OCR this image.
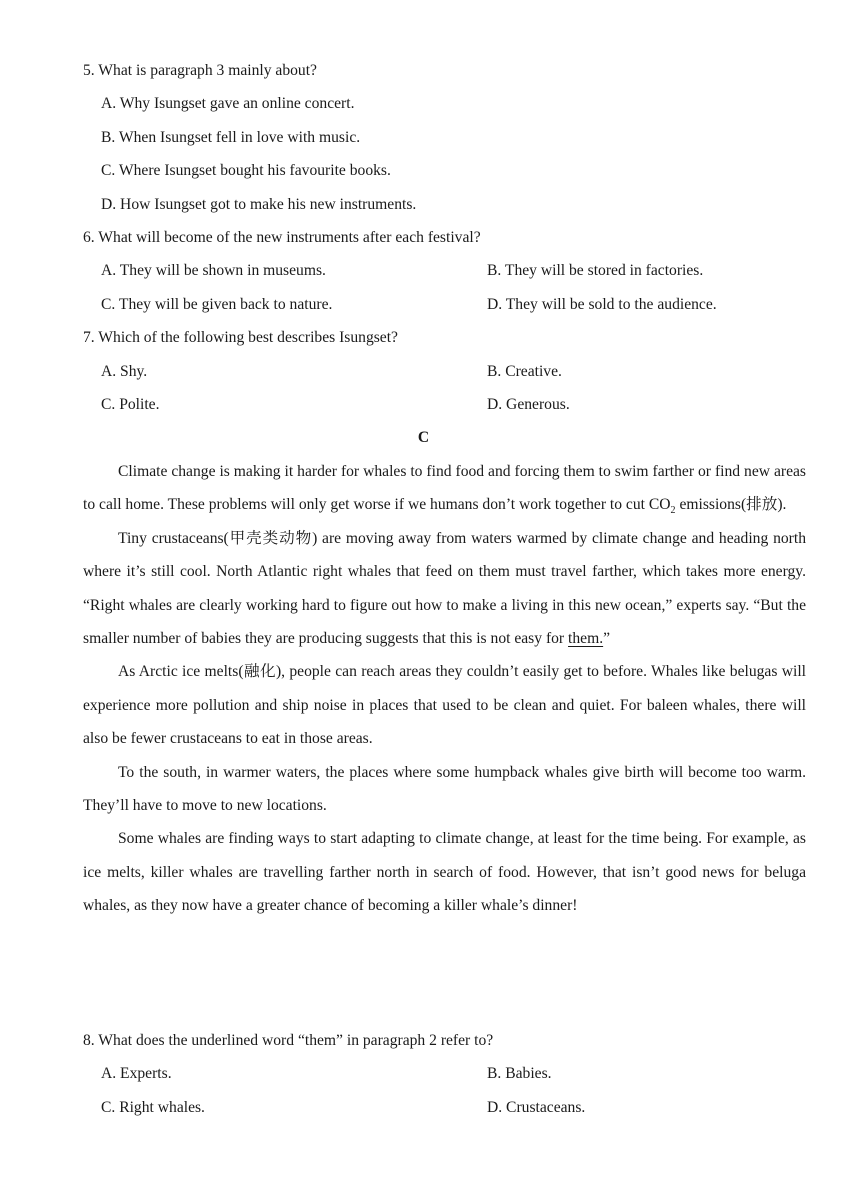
5. What is paragraph 3 mainly about?
A. Why Isungset gave an online concert.
B. When Isungset fell in love with music.
C. Where Isungset bought his favourite books.
D. How Isungset got to make his new instruments.
6. What will become of the new instruments after each festival?
A. They will be shown in museums.	B. They will be stored in factories.
C. They will be given back to nature.	D. They will be sold to the audience.
7. Which of the following best describes Isungset?
A. Shy.	B. Creative.
C. Polite.	D. Generous.
C

Climate change is making it harder for whales to find food and forcing them to swim farther or find new areas to call home. These problems will only get worse if we humans don’t work together to cut $CO_2$ emissions(排放).

Tiny crustaceans(甲壳类动物) are moving away from waters warmed by climate change and heading north where it’s still cool. North Atlantic right whales that feed on them must travel farther, which takes more energy. “Right whales are clearly working hard to figure out how to make a living in this new ocean,” experts say. “But the smaller number of babies they are producing suggests that this is not easy for them.”

As Arctic ice melts(融化), people can reach areas they couldn’t easily get to before. Whales like belugas will experience more pollution and ship noise in places that used to be clean and quiet. For baleen whales, there will also be fewer crustaceans to eat in those areas.

To the south, in warmer waters, the places where some humpback whales give birth will become too warm. They’ll have to move to new locations.

Some whales are finding ways to start adapting to climate change, at least for the time being. For example, as ice melts, killer whales are travelling farther north in search of food. However, that isn’t good news for beluga whales, as they now have a greater chance of becoming a killer whale’s dinner!

8. What does the underlined word “them” in paragraph 2 refer to?
A. Experts.	B. Babies.
C. Right whales.	D. Crustaceans.
